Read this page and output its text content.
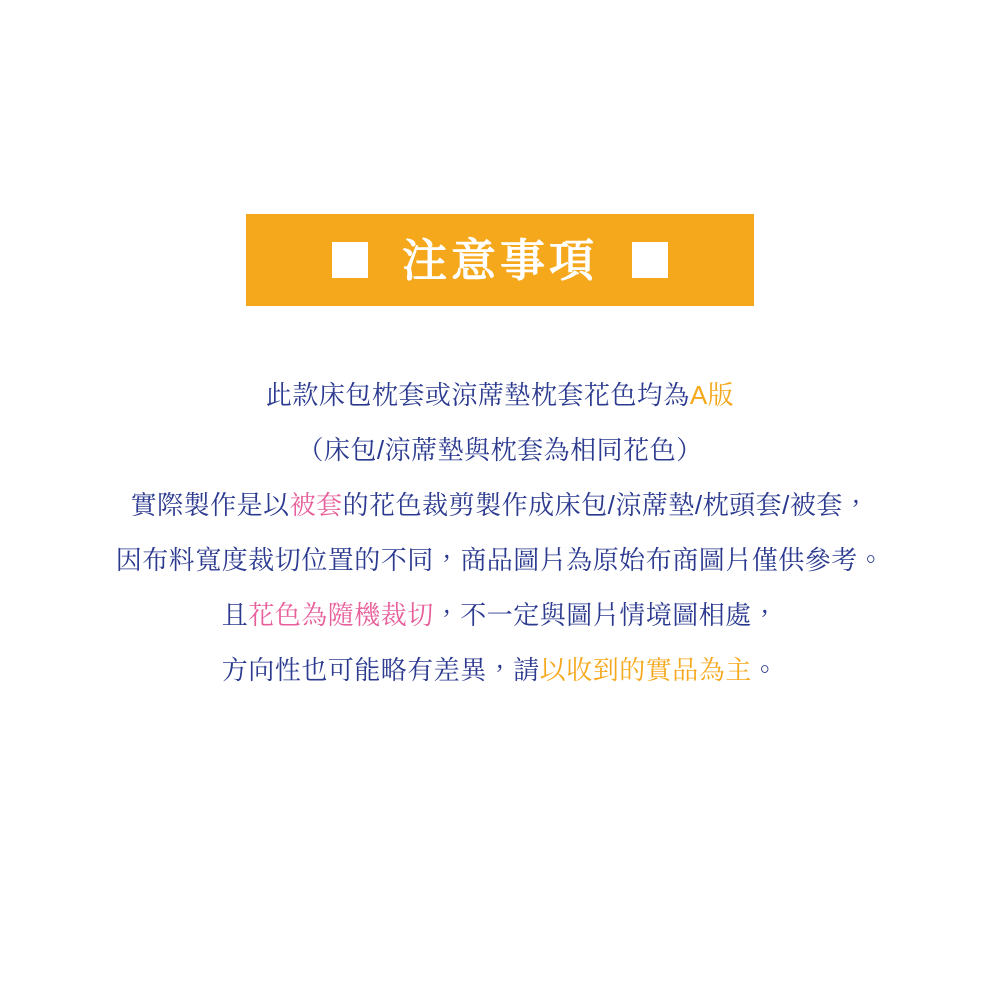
注意事項
此款床包枕套或涼蓆墊枕套花色均為A版
（床包/涼蓆墊與枕套為相同花色）
實際製作是以被套的花色裁剪製作成床包/涼蓆墊/枕頭套/被套，
因布料寬度裁切位置的不同，商品圖片為原始布商圖片僅供參考。
且花色為隨機裁切，不一定與圖片情境圖相處，
方向性也可能略有差異，請以收到的實品為主。
